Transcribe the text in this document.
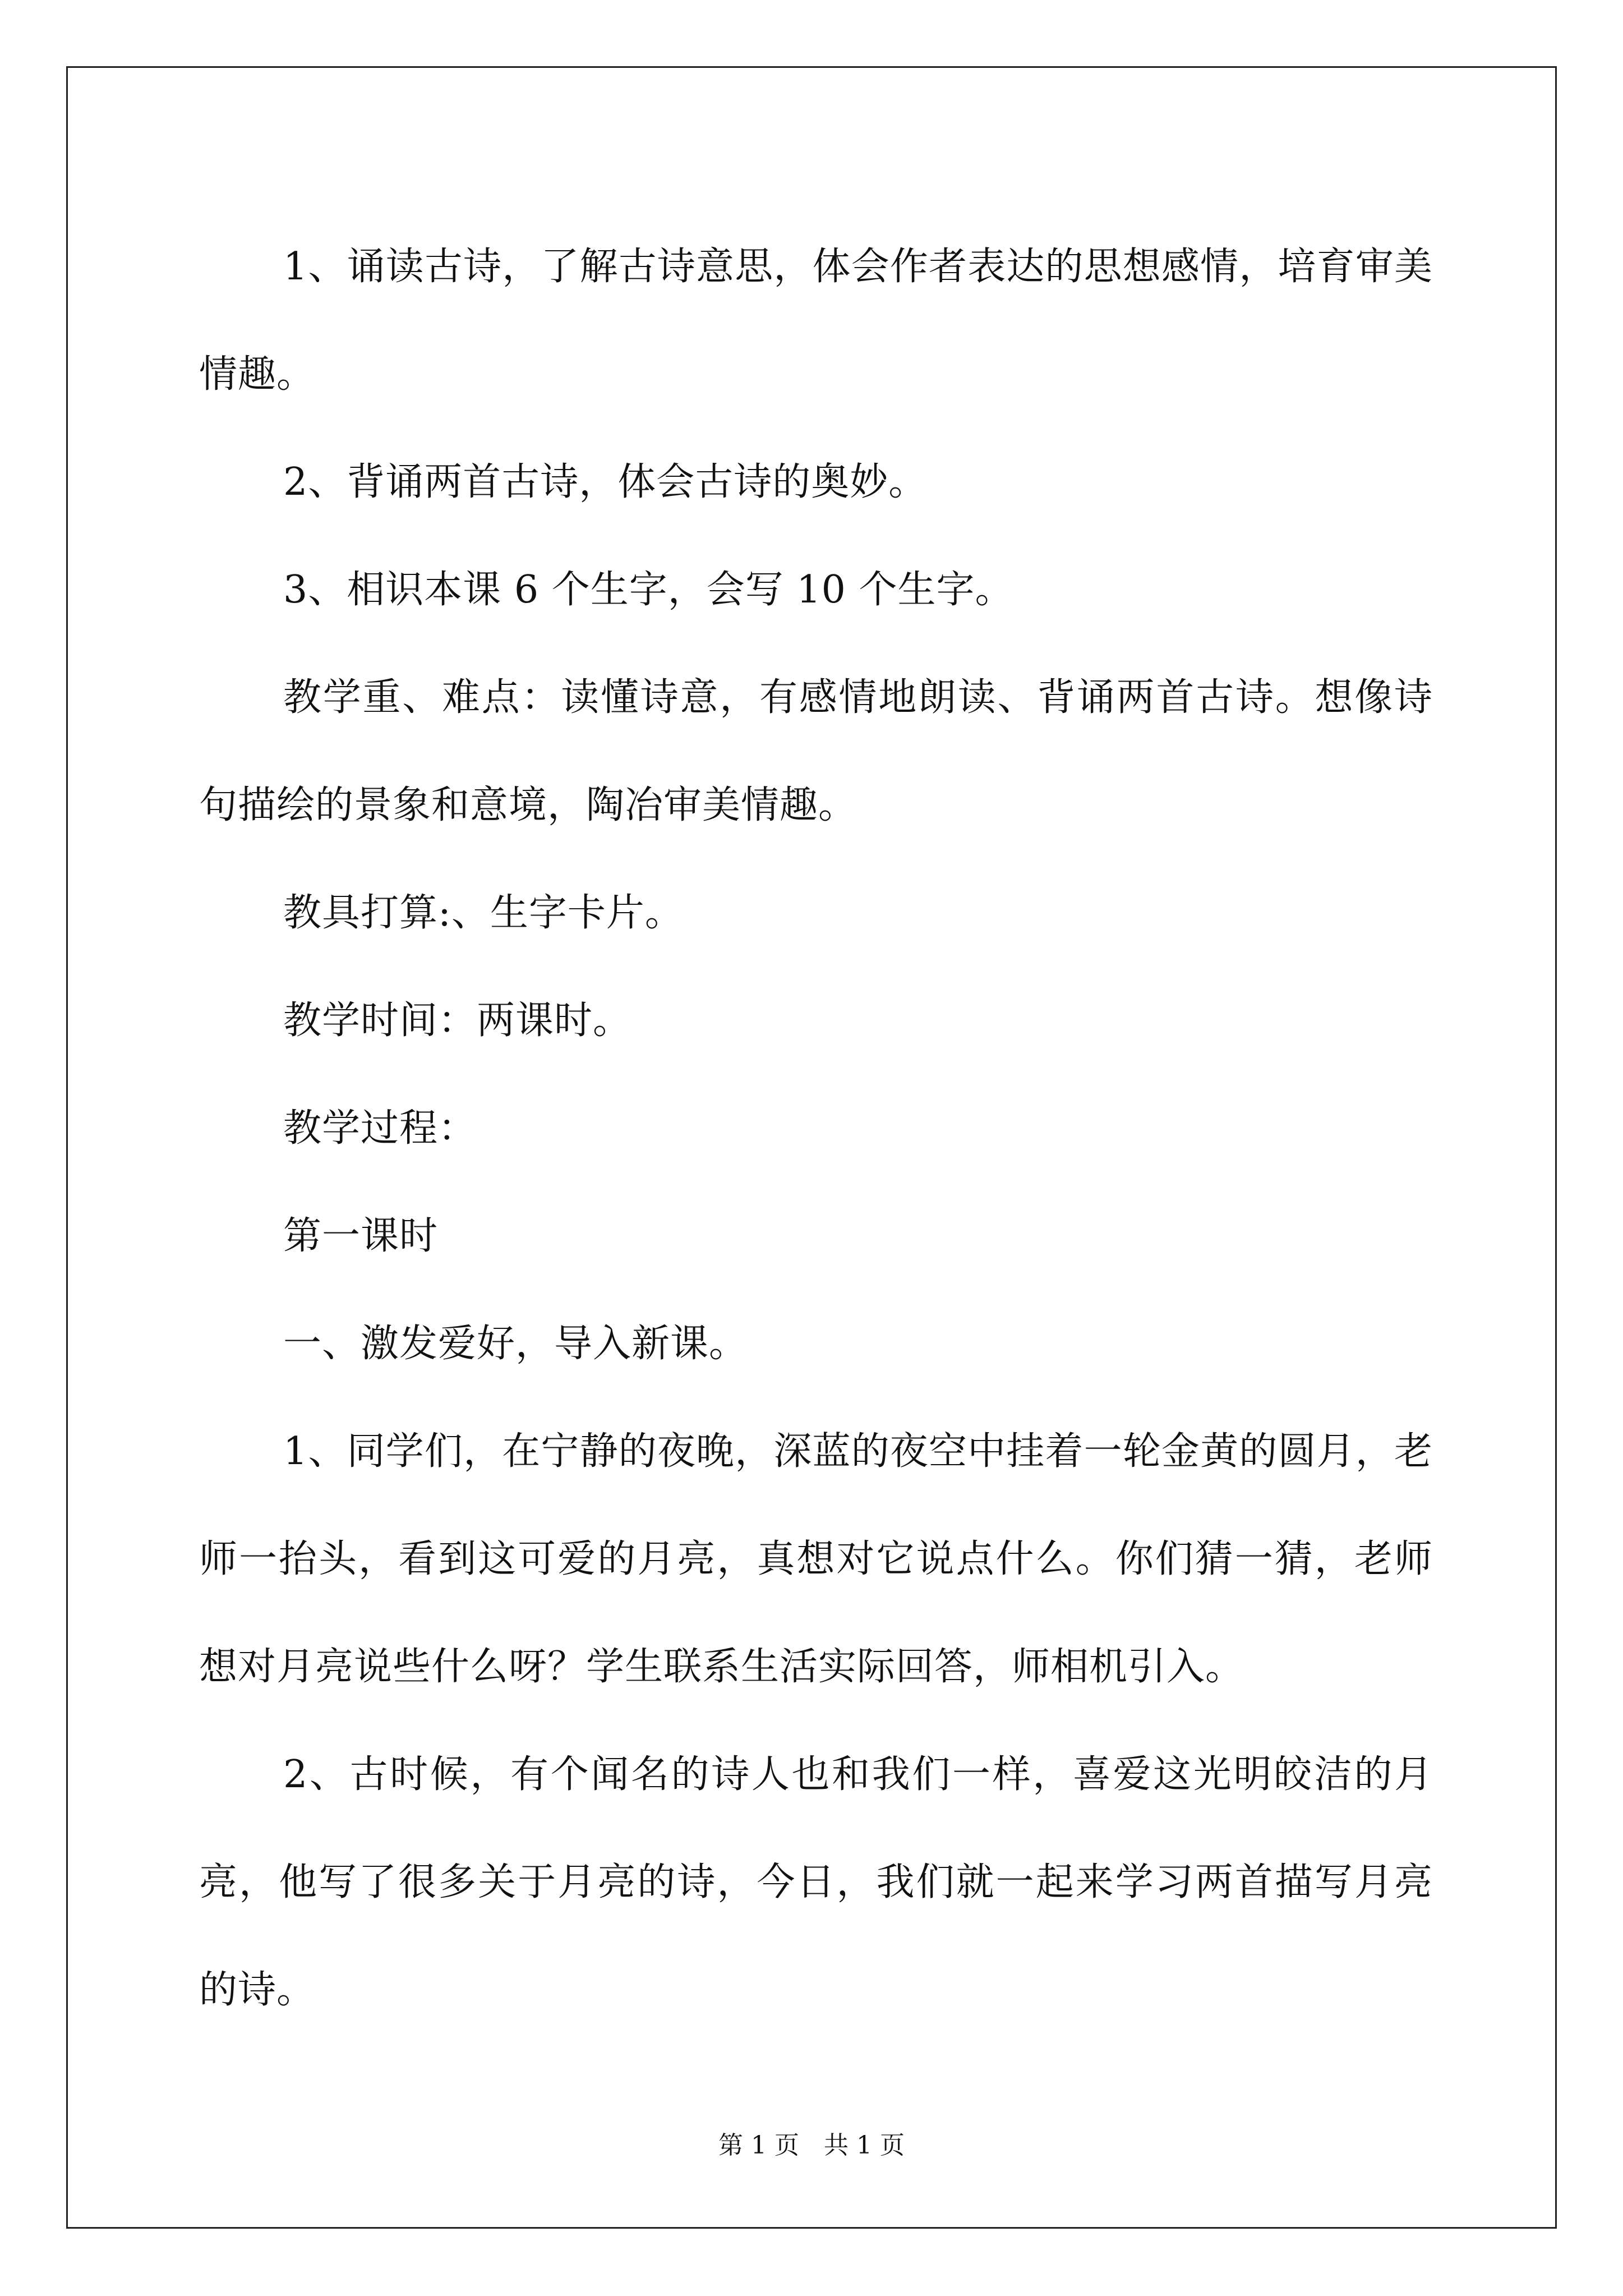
1、诵读古诗，了解古诗意思，体会作者表达的思想感情，培育审美情趣。

2、背诵两首古诗，体会古诗的奥妙。

3、相识本课 6 个生字，会写 10 个生字。

教学重、难点：读懂诗意，有感情地朗读、背诵两首古诗。想像诗句描绘的景象和意境，陶冶审美情趣。

教具打算:、生字卡片。

教学时间：两课时。

教学过程：

第一课时

一、激发爱好，导入新课。

1、同学们，在宁静的夜晚，深蓝的夜空中挂着一轮金黄的圆月，老师一抬头，看到这可爱的月亮，真想对它说点什么。你们猜一猜，老师想对月亮说些什么呀？学生联系生活实际回答，师相机引入。

2、古时候，有个闻名的诗人也和我们一样，喜爱这光明皎洁的月亮，他写了很多关于月亮的诗，今日，我们就一起来学习两首描写月亮的诗。

第 1 页　共 1 页
